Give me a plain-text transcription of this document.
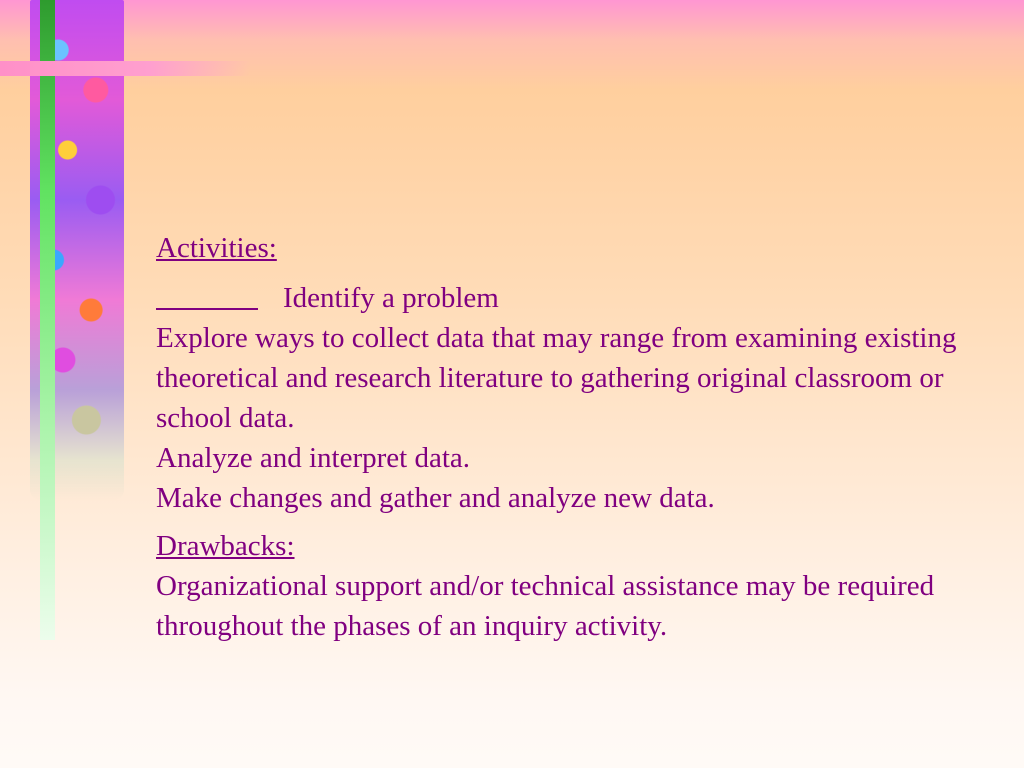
Activities:

Identify a problem

Explore ways to collect data that may range from examining existing theoretical and research literature to gathering original classroom or school data.

Analyze and interpret data.

Make changes and gather and analyze new data.

Drawbacks:

Organizational support and/or technical assistance may be required throughout the phases of an inquiry activity.
